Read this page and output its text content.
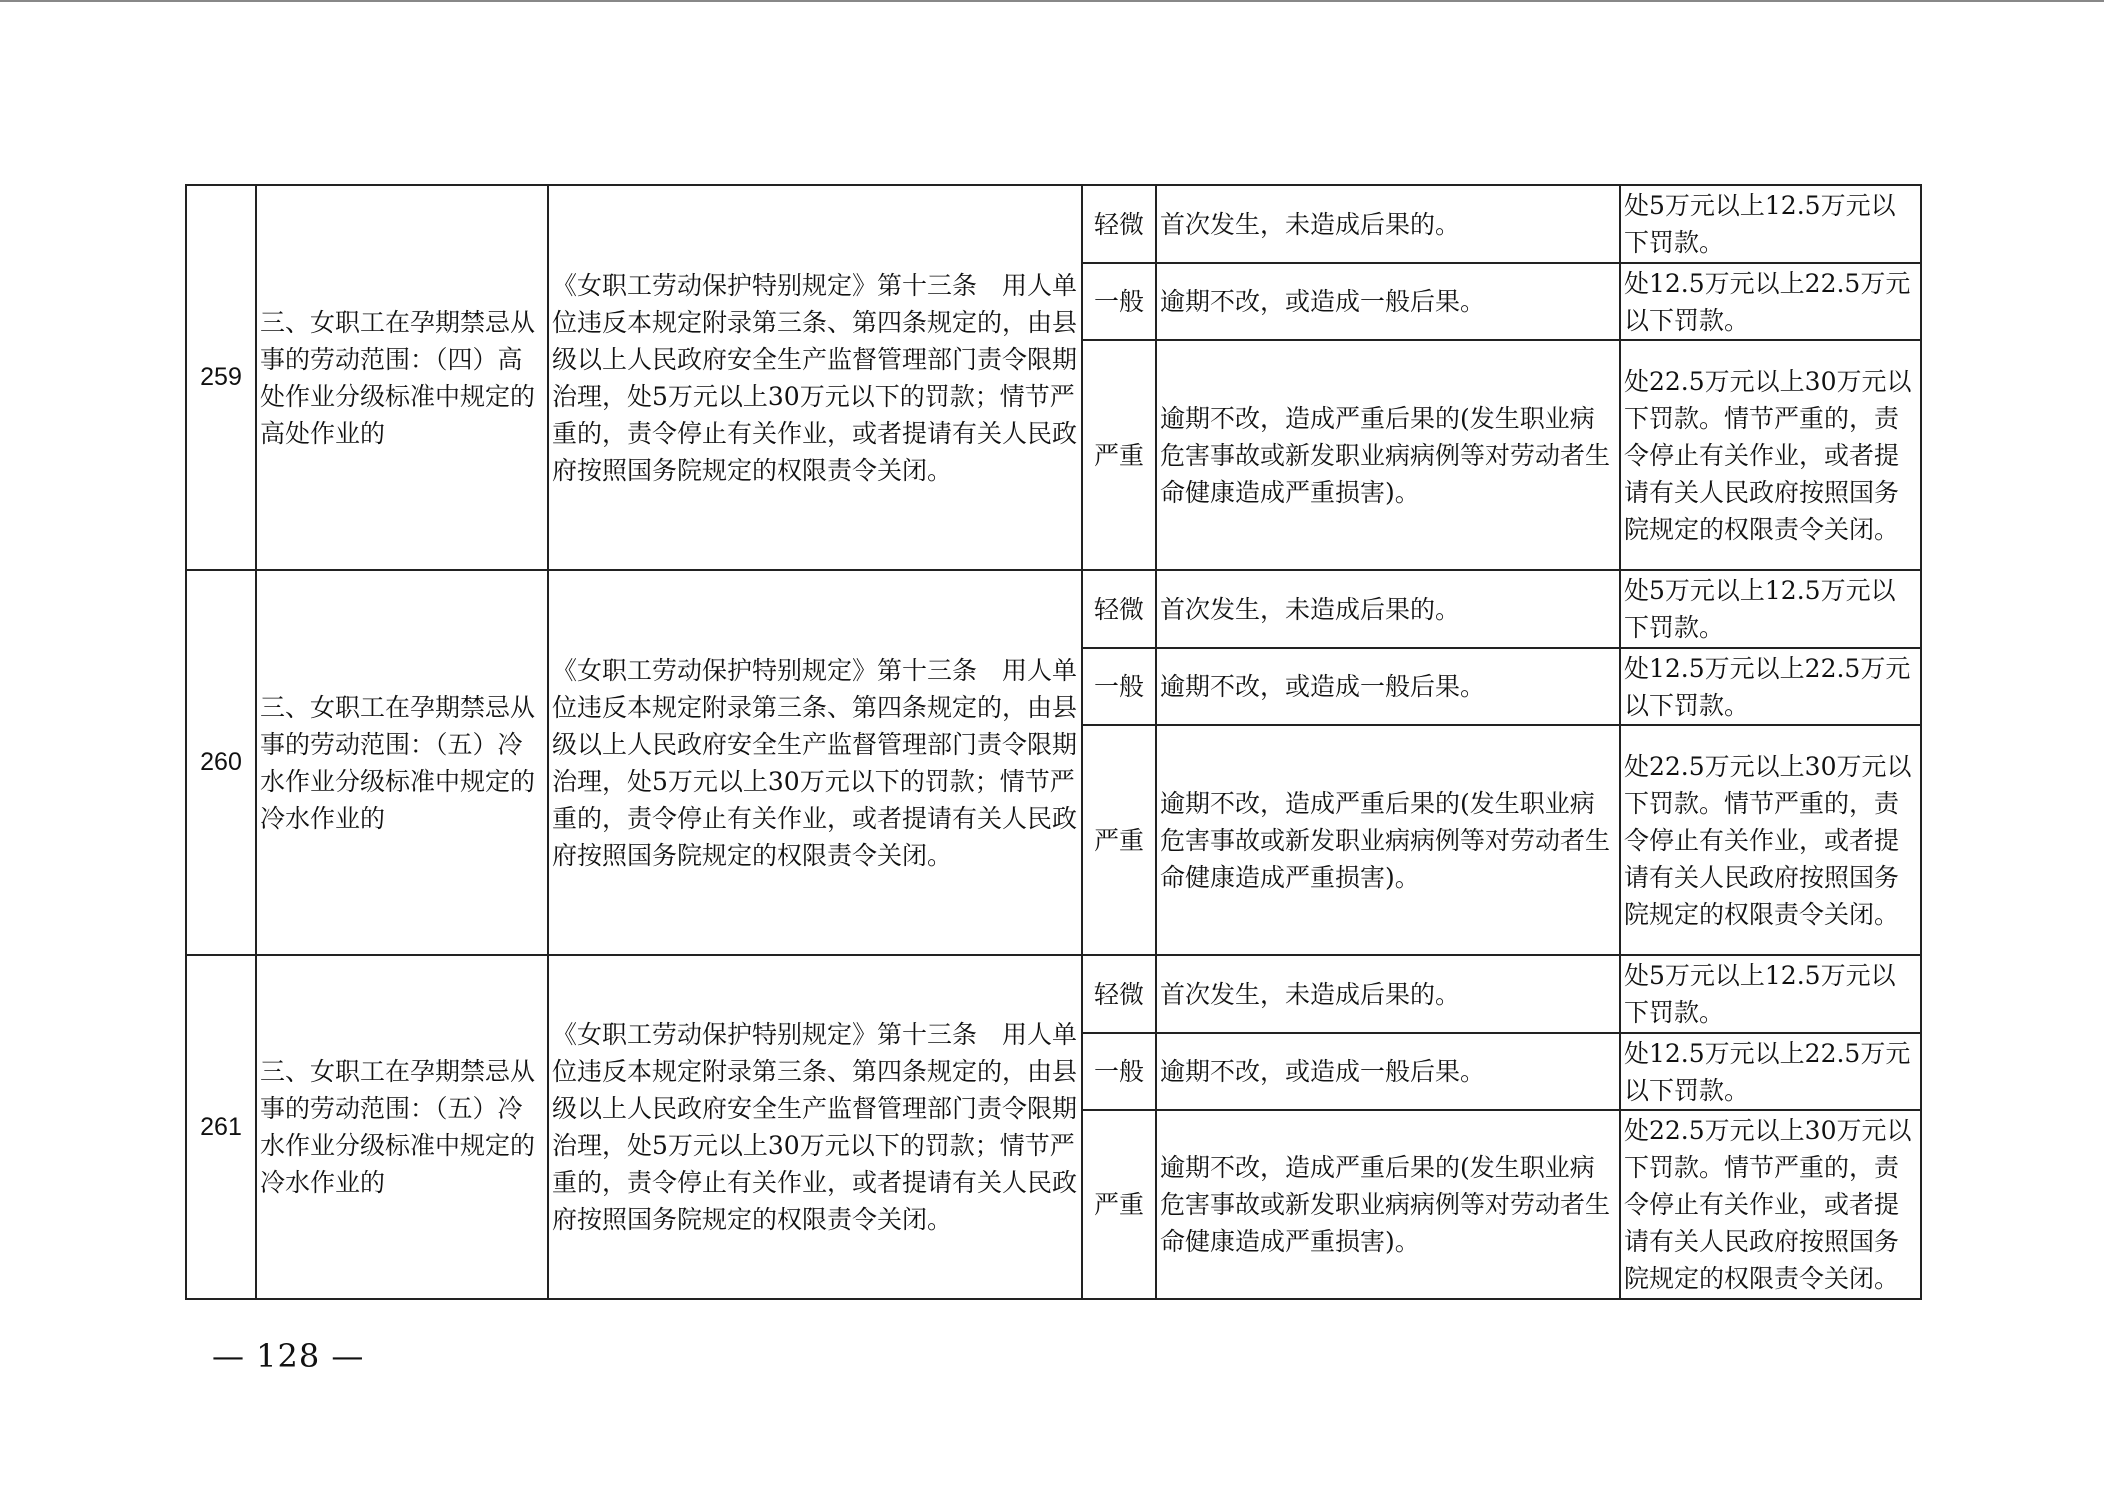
259	三、女职工在孕期禁忌从事的劳动范围：（四）高处作业分级标准中规定的高处作业的	《女职工劳动保护特别规定》第十三条　用人单位违反本规定附录第三条、第四条规定的，由县级以上人民政府安全生产监督管理部门责令限期治理，处5万元以上30万元以下的罚款；情节严重的，责令停止有关作业，或者提请有关人民政府按照国务院规定的权限责令关闭。	轻微	首次发生，未造成后果的。	处5万元以上12.5万元以下罚款。
			一般	逾期不改，或造成一般后果。	处12.5万元以上22.5万元以下罚款。
			严重	逾期不改，造成严重后果的(发生职业病危害事故或新发职业病病例等对劳动者生命健康造成严重损害)。	处22.5万元以上30万元以下罚款。情节严重的，责令停止有关作业，或者提请有关人民政府按照国务院规定的权限责令关闭。
260	三、女职工在孕期禁忌从事的劳动范围：（五）冷水作业分级标准中规定的冷水作业的	《女职工劳动保护特别规定》第十三条　用人单位违反本规定附录第三条、第四条规定的，由县级以上人民政府安全生产监督管理部门责令限期治理，处5万元以上30万元以下的罚款；情节严重的，责令停止有关作业，或者提请有关人民政府按照国务院规定的权限责令关闭。	轻微	首次发生，未造成后果的。	处5万元以上12.5万元以下罚款。
			一般	逾期不改，或造成一般后果。	处12.5万元以上22.5万元以下罚款。
			严重	逾期不改，造成严重后果的(发生职业病危害事故或新发职业病病例等对劳动者生命健康造成严重损害)。	处22.5万元以上30万元以下罚款。情节严重的，责令停止有关作业，或者提请有关人民政府按照国务院规定的权限责令关闭。
261	三、女职工在孕期禁忌从事的劳动范围：（五）冷水作业分级标准中规定的冷水作业的	《女职工劳动保护特别规定》第十三条　用人单位违反本规定附录第三条、第四条规定的，由县级以上人民政府安全生产监督管理部门责令限期治理，处5万元以上30万元以下的罚款；情节严重的，责令停止有关作业，或者提请有关人民政府按照国务院规定的权限责令关闭。	轻微	首次发生，未造成后果的。	处5万元以上12.5万元以下罚款。
			一般	逾期不改，或造成一般后果。	处12.5万元以上22.5万元以下罚款。
			严重	逾期不改，造成严重后果的(发生职业病危害事故或新发职业病病例等对劳动者生命健康造成严重损害)。	处22.5万元以上30万元以下罚款。情节严重的，责令停止有关作业，或者提请有关人民政府按照国务院规定的权限责令关闭。
— 128 —
